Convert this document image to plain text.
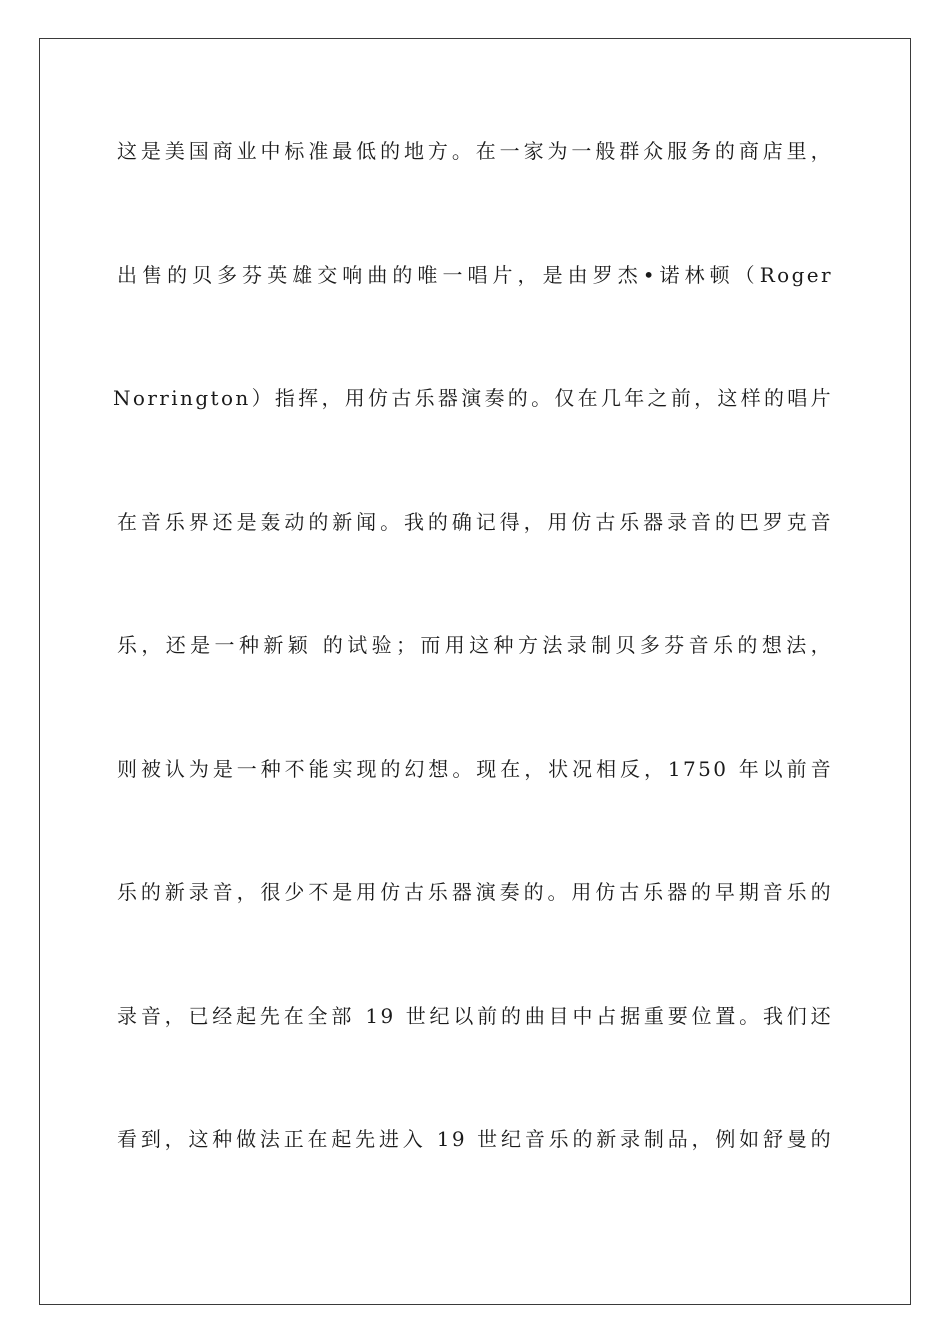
这是美国商业中标准最低的地方。在一家为一般群众服务的商店里，
出售的贝多芬英雄交响曲的唯一唱片，是由罗杰•诺林顿（Roger
Norrington）指挥，用仿古乐器演奏的。仅在几年之前，这样的唱片
在音乐界还是轰动的新闻。我的确记得，用仿古乐器录音的巴罗克音
乐，还是一种新颖 的试验；而用这种方法录制贝多芬音乐的想法，
则被认为是一种不能实现的幻想。现在，状况相反，1750 年以前音
乐的新录音，很少不是用仿古乐器演奏的。用仿古乐器的早期音乐的
录音，已经起先在全部 19 世纪以前的曲目中占据重要位置。我们还
看到，这种做法正在起先进入 19 世纪音乐的新录制品，例如舒曼的
